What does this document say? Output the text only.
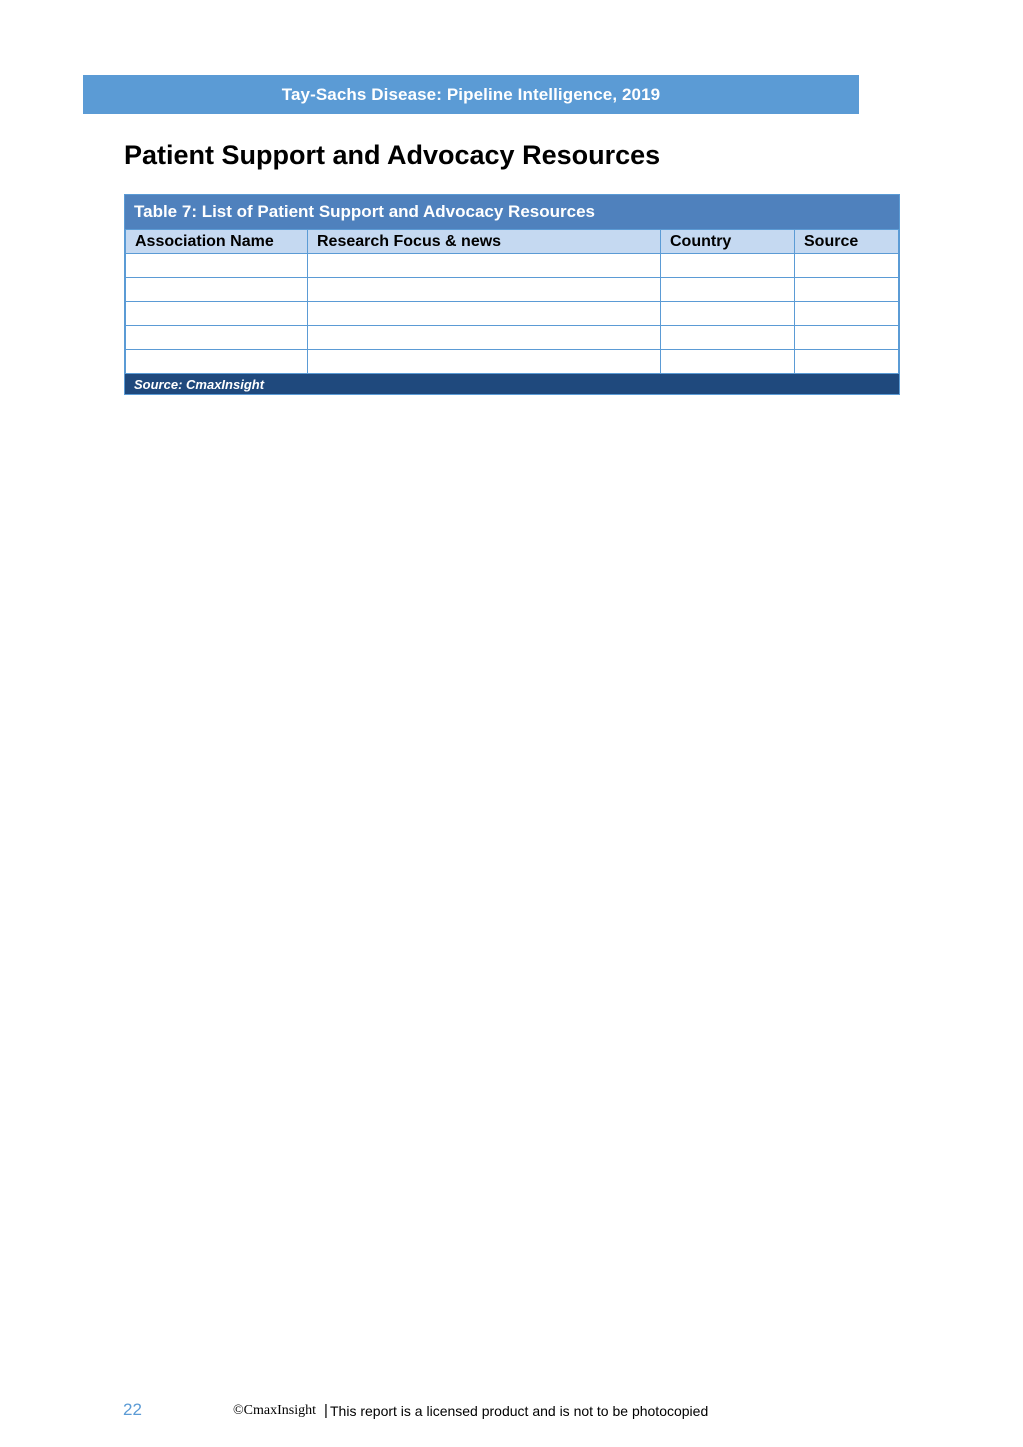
Tay-Sachs Disease: Pipeline Intelligence, 2019
Patient Support and Advocacy Resources
Table 7: List of Patient Support and Advocacy Resources
Association Name	Research Focus & news	Country	Source

Source: CmaxInsight
22	©CmaxInsight | This report is a licensed product and is not to be photocopied
